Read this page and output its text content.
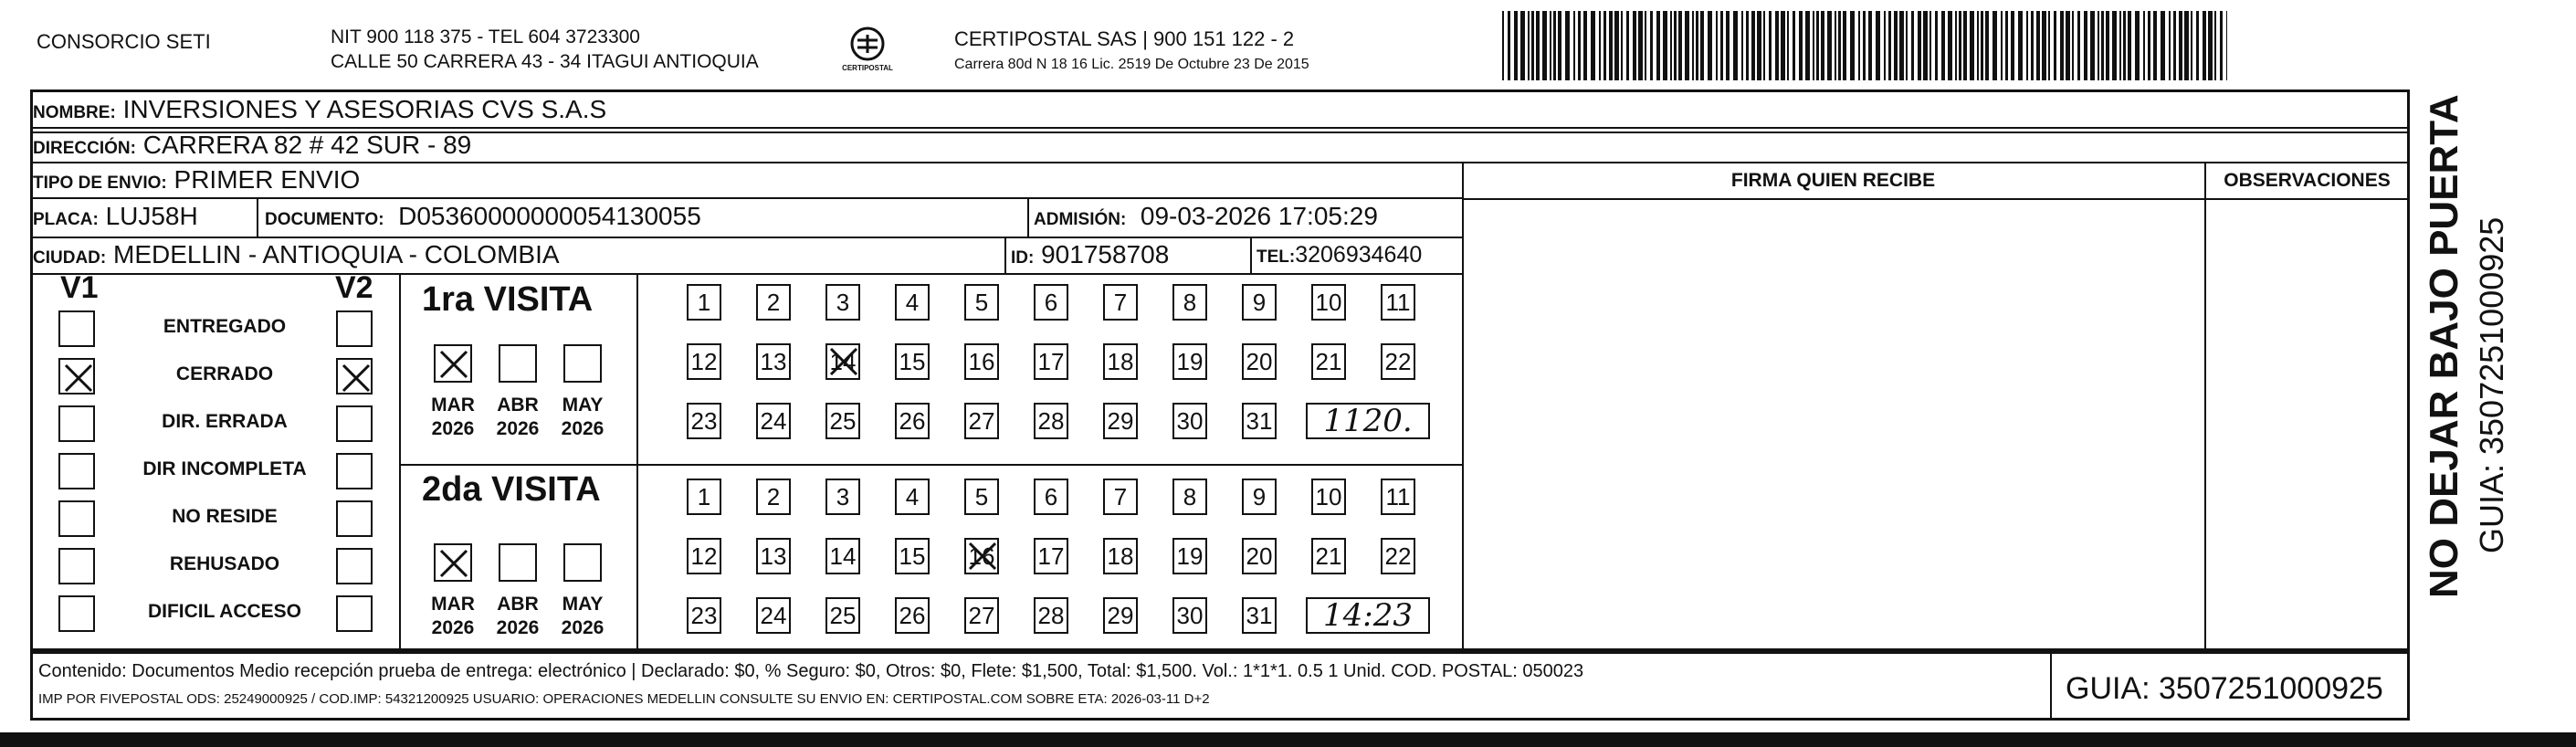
CONSORCIO SETI	NIT 900 118 375 - TEL 604 3723300
CALLE 50 CARRERA 43 - 34 ITAGUI ANTIOQUIA	CERTIPOSTAL
CERTIPOSTAL SAS | 900 151 122 - 2
Carrera 80d N 18 16 Lic. 2519 De Octubre 23 De 2015
NOMBRE: INVERSIONES Y ASESORIAS CVS S.A.S
DIRECCIÓN: CARRERA 82 # 42 SUR - 89
TIPO DE ENVIO: PRIMER ENVIO	FIRMA QUIEN RECIBE	OBSERVACIONES
PLACA: LUJ58H	DOCUMENTO: D05360000000054130055	ADMISIÓN: 09-03-2026 17:05:29
CIUDAD: MEDELLIN - ANTIOQUIA - COLOMBIA	ID: 901758708	TEL:3206934640
V1	V2
ENTREGADO
CERRADO
DIR. ERRADA
DIR INCOMPLETA
NO RESIDE
REHUSADO
DIFICIL ACCESO
1ra VISITA
2da VISITA
MAR
2026
ABR
2026
MAY
2026
MAR
2026
ABR
2026
MAY
2026
1	2	3	4	5	6	7	8	9	10 11
12 13 14 15 16 17 18 19 20 21 22
23 24 25 26 27 28 29 30 31	1120.
1	2	3	4	5	6	7	8	9	10 11
12 13 14 15 16 17 18 19 20 21 22
23 24 25 26 27 28 29 30 31	14:23
NO DEJAR BAJO PUERTA GUIA: 3507251000925
Contenido: Documentos Medio recepción prueba de entrega: electrónico | Declarado: $0, % Seguro: $0, Otros: $0, Flete: $1,500, Total: $1,500. Vol.: 1*1*1. 0.5 1 Unid. COD. POSTAL: 050023
IMP POR FIVEPOSTAL ODS: 25249000925 / COD.IMP: 54321200925 USUARIO: OPERACIONES MEDELLIN CONSULTE SU ENVIO EN: CERTIPOSTAL.COM SOBRE ETA: 2026-03-11 D+2	GUIA: 3507251000925
